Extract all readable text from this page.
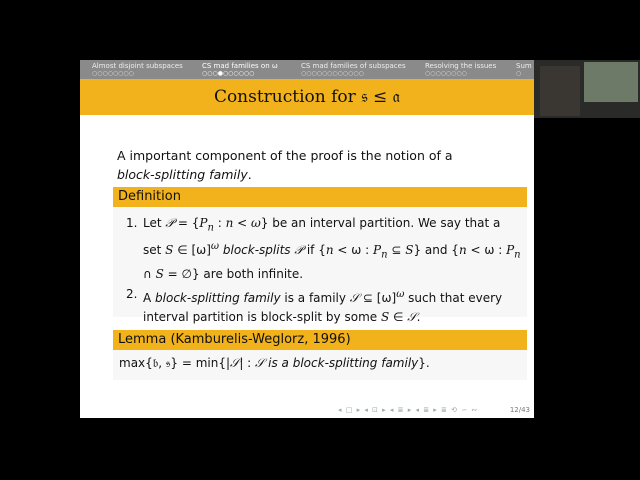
Almost disjoint subspaces
○○○○○○○○
CS mad families on ω
○○○●○○○○○○
CS mad families of subspaces
○○○○○○○○○○○○
Resolving the issues
○○○○○○○○
Sum
○
Construction for 𝔰 ≤ 𝔞
A important component of the proof is the notion of a
block-splitting family.
Definition
1. Let 𝒫 = {$P_n$ : n < ω} be an interval partition. We say that a set S ∈ $[\omega]^\omega$ block-splits 𝒫 if {n < ω : $P_n$ ⊆ S} and {n < ω : $P_n$ ∩ S = ∅} are both infinite.
2. A block-splitting family is a family 𝒮 ⊆ $[\omega]^\omega$ such that every interval partition is block-split by some S ∈ 𝒮.
Lemma (Kamburelis-Weglorz, 1996)
max{𝔟, 𝔰} = min{|𝒮| : 𝒮 is a block-splitting family}.
◂ □ ▸ ◂ ⊡ ▸ ◂ ≣ ▸ ◂ ≣ ▸ ≣ ⟲ ∽ ∾	12/43
